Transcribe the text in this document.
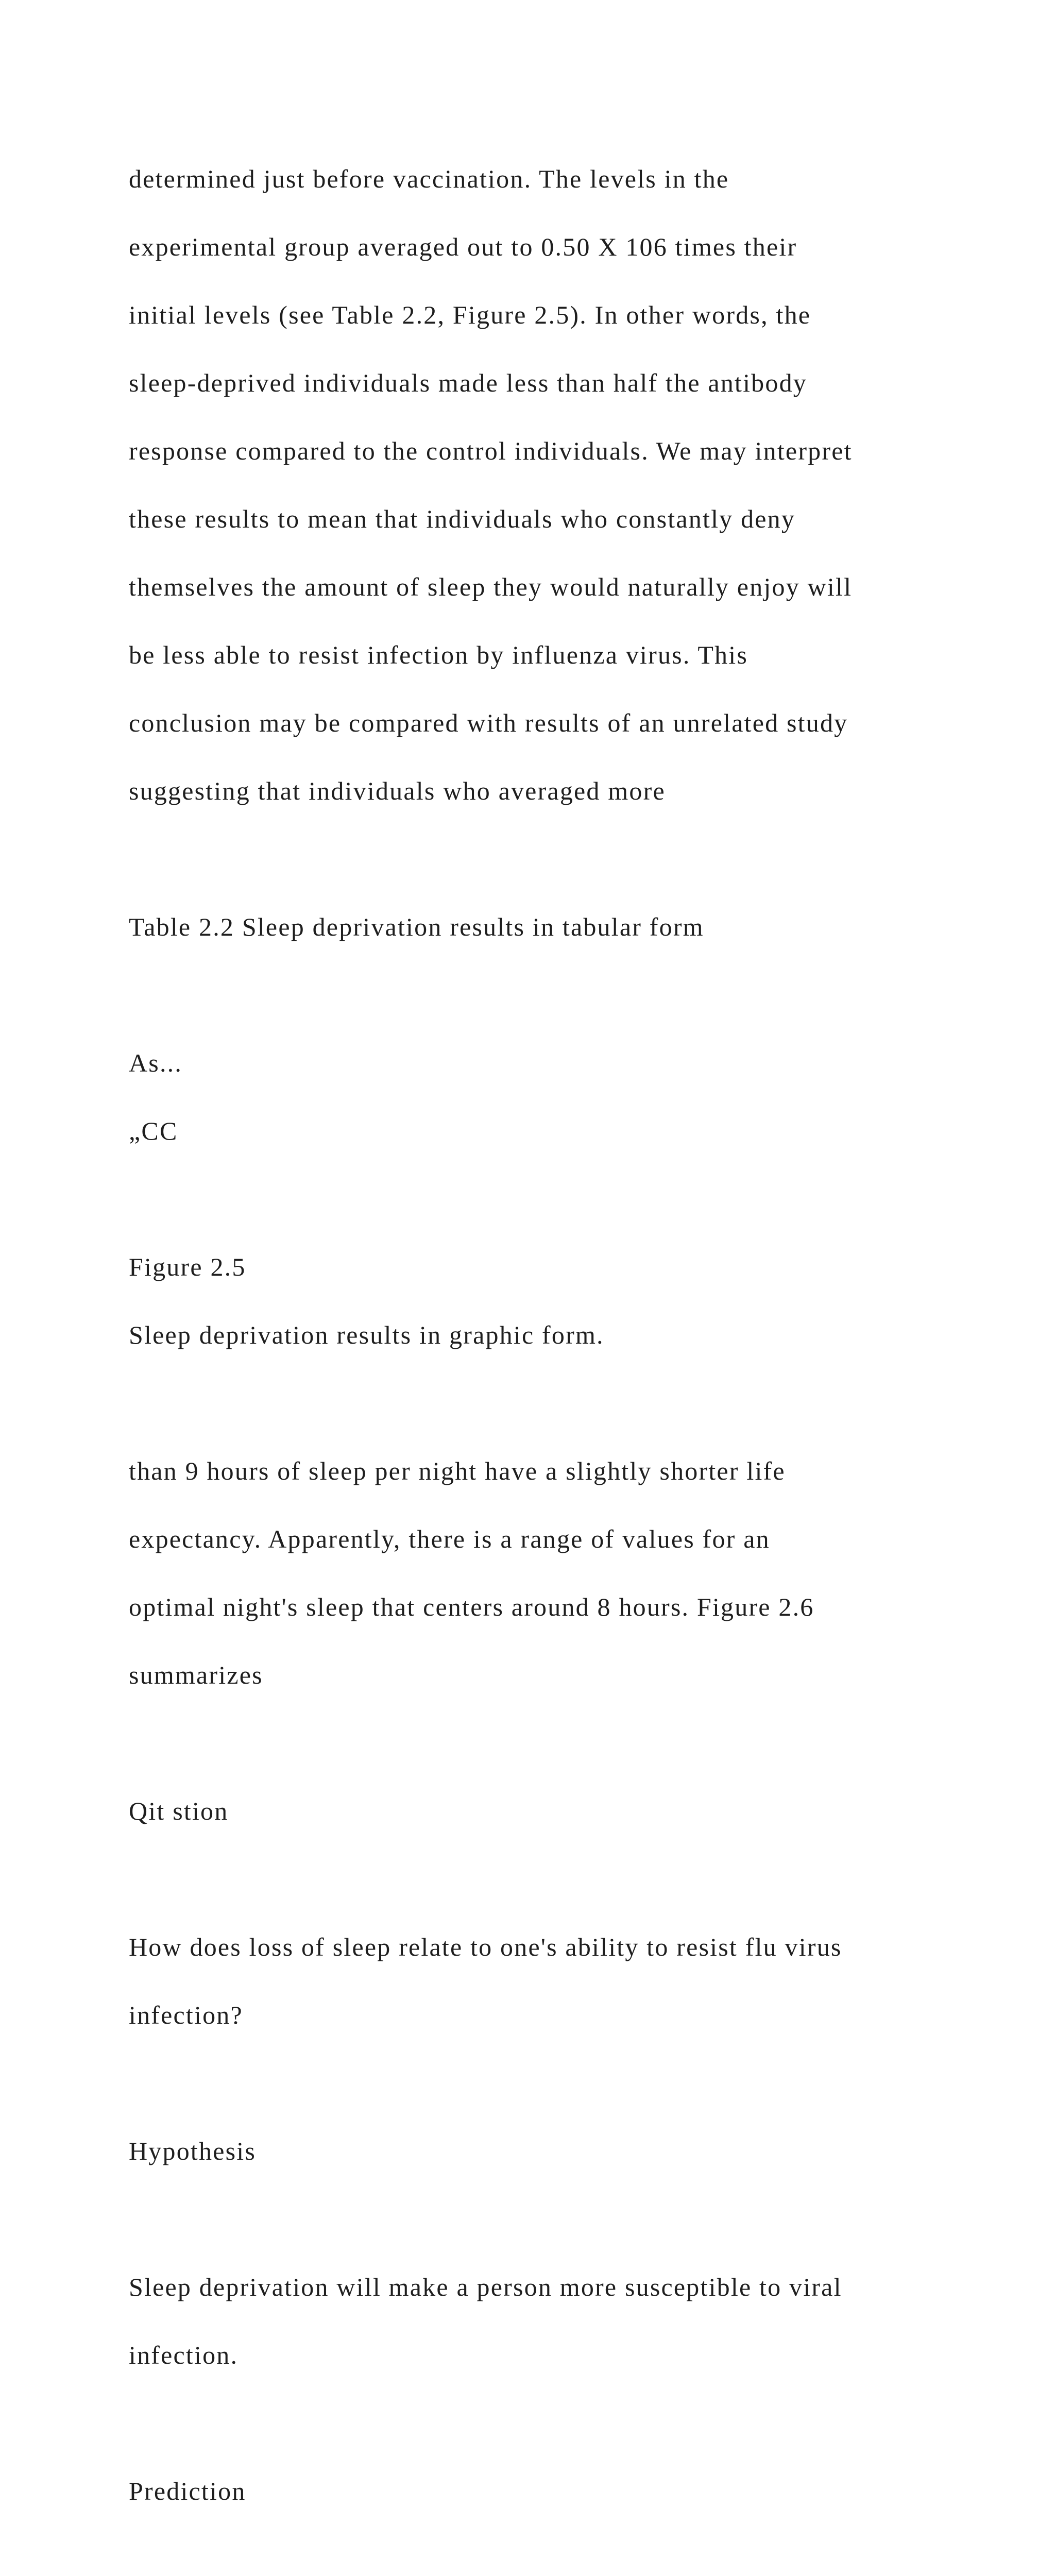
determined just before vaccination. The levels in the

experimental group averaged out to 0.50 X 106 times their

initial levels (see Table 2.2, Figure 2.5). In other words, the

sleep-deprived individuals made less than half the antibody

response compared to the control individuals. We may interpret

these results to mean that individuals who constantly deny

themselves the amount of sleep they would naturally enjoy will

be less able to resist infection by influenza virus. This

conclusion may be compared with results of an unrelated study

suggesting that individuals who averaged more

Table 2.2 Sleep deprivation results in tabular form

As...

„CC

Figure 2.5

Sleep deprivation results in graphic form.

than 9 hours of sleep per night have a slightly shorter life

expectancy. Apparently, there is a range of values for an

optimal night's sleep that centers around 8 hours. Figure 2.6

summarizes

Qit stion

How does loss of sleep relate to one's ability to resist flu virus

infection?

Hypothesis

Sleep deprivation will make a person more susceptible to viral

infection.

Prediction
